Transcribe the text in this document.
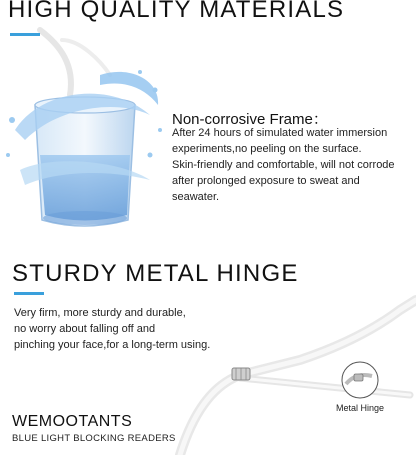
HIGH QUALITY MATERIALS
Non-corrosive Frame：
After 24 hours of simulated water immersion
experiments,no peeling on the surface.
Skin-friendly and comfortable, will not corrode
after prolonged exposure to sweat and
seawater.
STURDY METAL HINGE
Very firm, more sturdy and durable,
no worry about falling off and
pinching your face,for a long-term using.
Metal Hinge
WEMOOTANTS
BLUE LIGHT BLOCKING READERS
